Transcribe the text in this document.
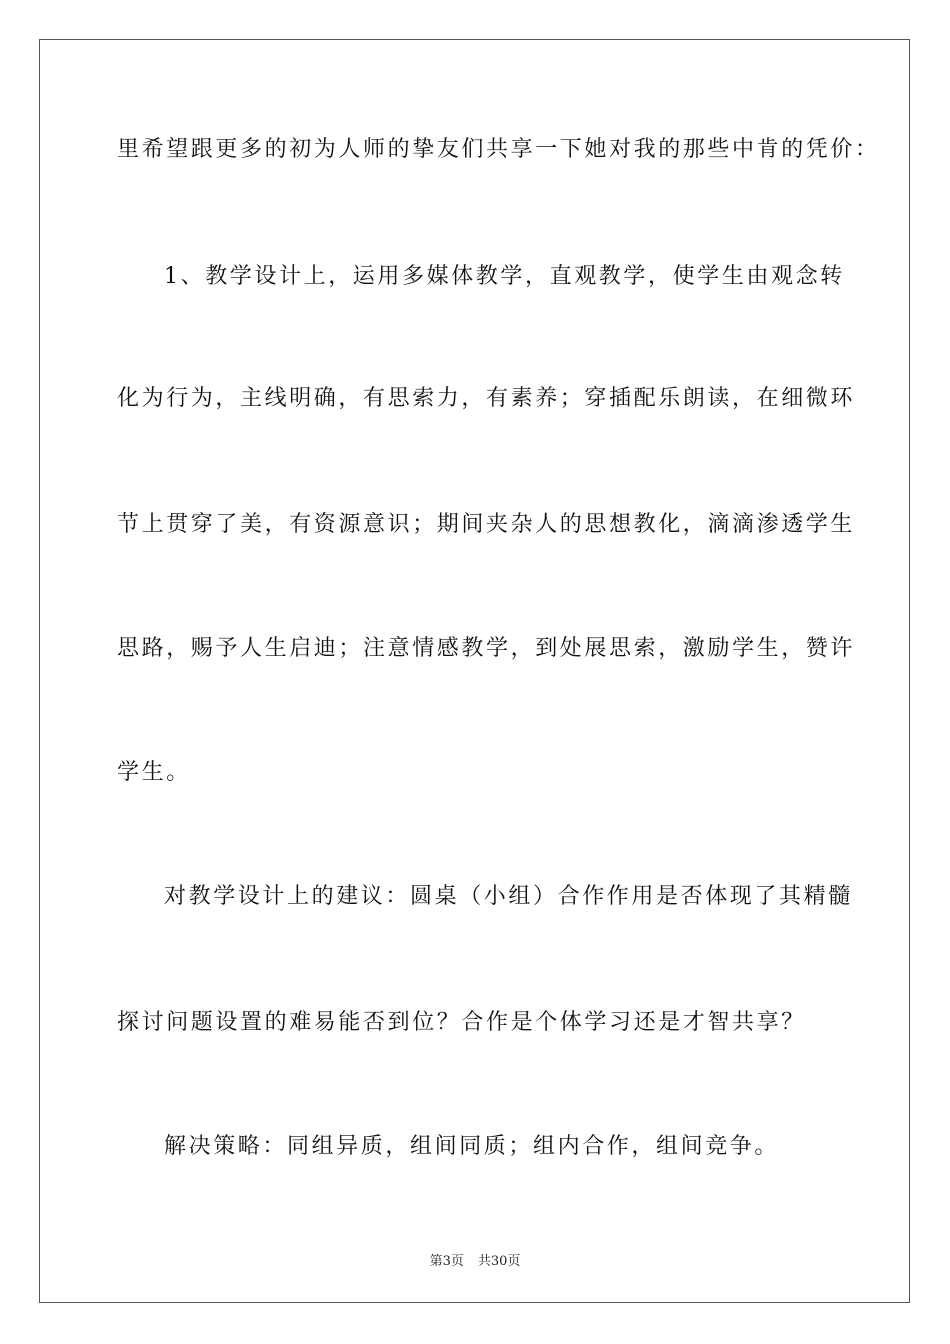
里希望跟更多的初为人师的挚友们共享一下她对我的那些中肯的凭价：
1、教学设计上，运用多媒体教学，直观教学，使学生由观念转
化为行为，主线明确，有思索力，有素养；穿插配乐朗读，在细微环
节上贯穿了美，有资源意识；期间夹杂人的思想教化，滴滴渗透学生
思路，赐予人生启迪；注意情感教学，到处展思索，激励学生，赞许
学生。
对教学设计上的建议：圆桌（小组）合作作用是否体现了其精髓
探讨问题设置的难易能否到位？合作是个体学习还是才智共享？
解决策略：同组异质，组间同质；组内合作，组间竞争。
第3页 共30页
